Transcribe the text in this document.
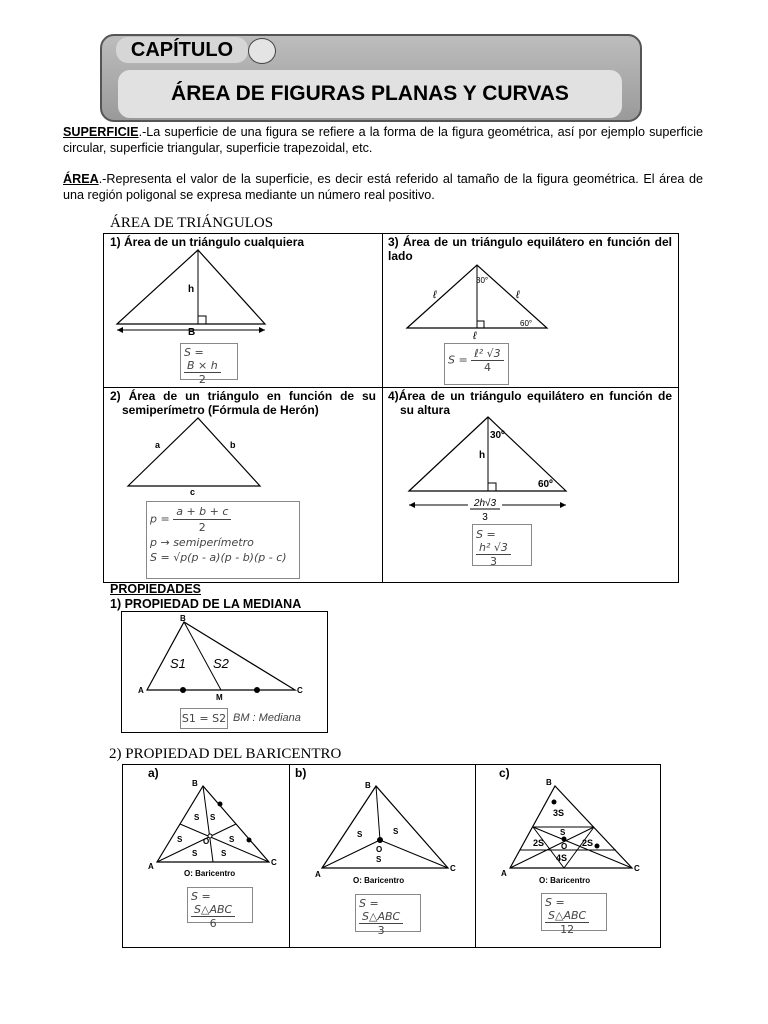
CAPÍTULO
ÁREA DE FIGURAS PLANAS Y CURVAS
SUPERFICIE.-La superficie de una figura se refiere a la forma de la figura geométrica, así por ejemplo superficie circular, superficie triangular, superficie trapezoidal, etc.
ÁREA.-Representa el valor de la superficie, es decir está referido al tamaño de la figura geométrica. El área de una región poligonal se expresa mediante un número real positivo.
ÁREA DE TRIÁNGULOS
1) Área de un triángulo cualquiera
h
B
S =
$\frac{B \times h}{2}$
3) Área de un triángulo equilátero en función del lado
30°
60°
ℓ	ℓ
ℓ
$S = \frac{\text{ℓ² √3}}{4}$
2) Área de un triángulo en función de su semiperímetro (Fórmula de Herón)
a	b
c
$p = \frac{a + b + c}{2}$
p → semiperímetro
S = √p(p - a)(p - b)(p - c)
4)Área de un triángulo equilátero en función de su altura
30º
60º
h
2h√3
3
S =
$\frac{\text{h² √3}}{3}$
PROPIEDADES
1) PROPIEDAD DE LA MEDIANA
B
A	C
M
S1 S2
S1 = S2 BM : Mediana
2) PROPIEDAD DEL BARICENTRO
a)
B
A	C
O
S S
S	S
S	S
O: Baricentro
S =
$\frac{\text{S△ABC}}{6}$
b)
B
A
C
O
S	S
S
O: Baricentro
S =
$\frac{\text{S△ABC}}{3}$
c)
B
A
C
3S
S
2S	2S
O
4S
O: Baricentro
S =
$\frac{\text{S△ABC}}{12}$
